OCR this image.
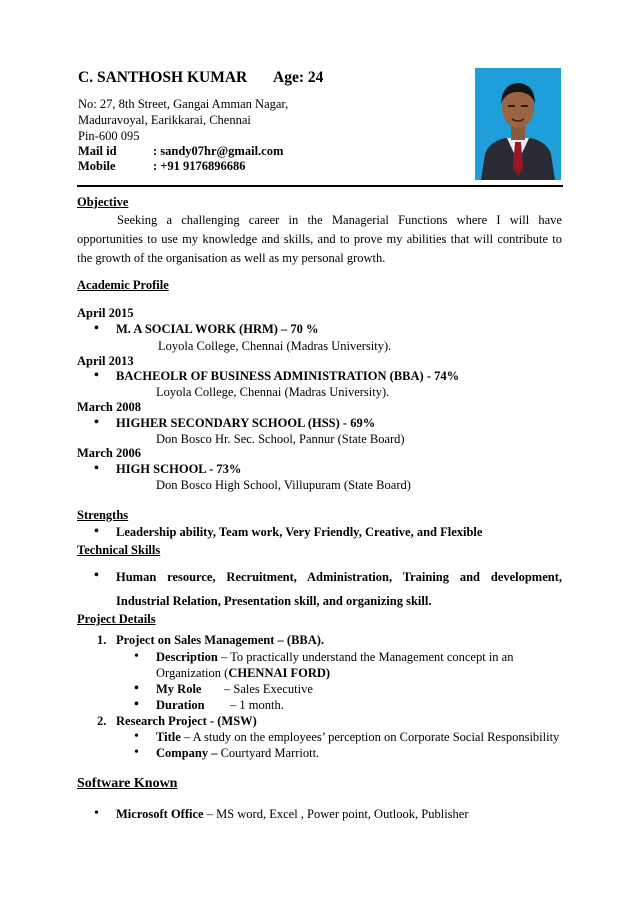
C. SANTHOSH KUMAR Age: 24
No: 27, 8th Street, Gangai Amman Nagar,
Maduravoyal, Earikkarai, Chennai
Pin-600 095
Mail id	: sandy07hr@gmail.com
Mobile	: +91 9176896686
Objective
Seeking a challenging career in the Managerial Functions where I will have opportunities to use my knowledge and skills, and to prove my abilities that will contribute to the growth of the organisation as well as my personal growth.
Academic Profile
April 2015
• M. A SOCIAL WORK (HRM) – 70 %
Loyola College, Chennai (Madras University).
April 2013
• BACHEOLR OF BUSINESS ADMINISTRATION (BBA) - 74%
Loyola College, Chennai (Madras University).
March 2008
• HIGHER SECONDARY SCHOOL (HSS) - 69%
Don Bosco Hr. Sec. School, Pannur (State Board)
March 2006
• HIGH SCHOOL - 73%
Don Bosco High School, Villupuram (State Board)
Strengths
• Leadership ability, Team work, Very Friendly, Creative, and Flexible
Technical Skills
• Human resource, Recruitment, Administration, Training and development, Industrial Relation, Presentation skill, and organizing skill.
Project Details
1. Project on Sales Management – (BBA).
• Description – To practically understand the Management concept in an
Organization (CHENNAI FORD)
• My Role – Sales Executive
• Duration – 1 month.
2. Research Project - (MSW)
• Title – A study on the employees’ perception on Corporate Social Responsibility
• Company – Courtyard Marriott.
Software Known
• Microsoft Office – MS word, Excel , Power point, Outlook, Publisher
